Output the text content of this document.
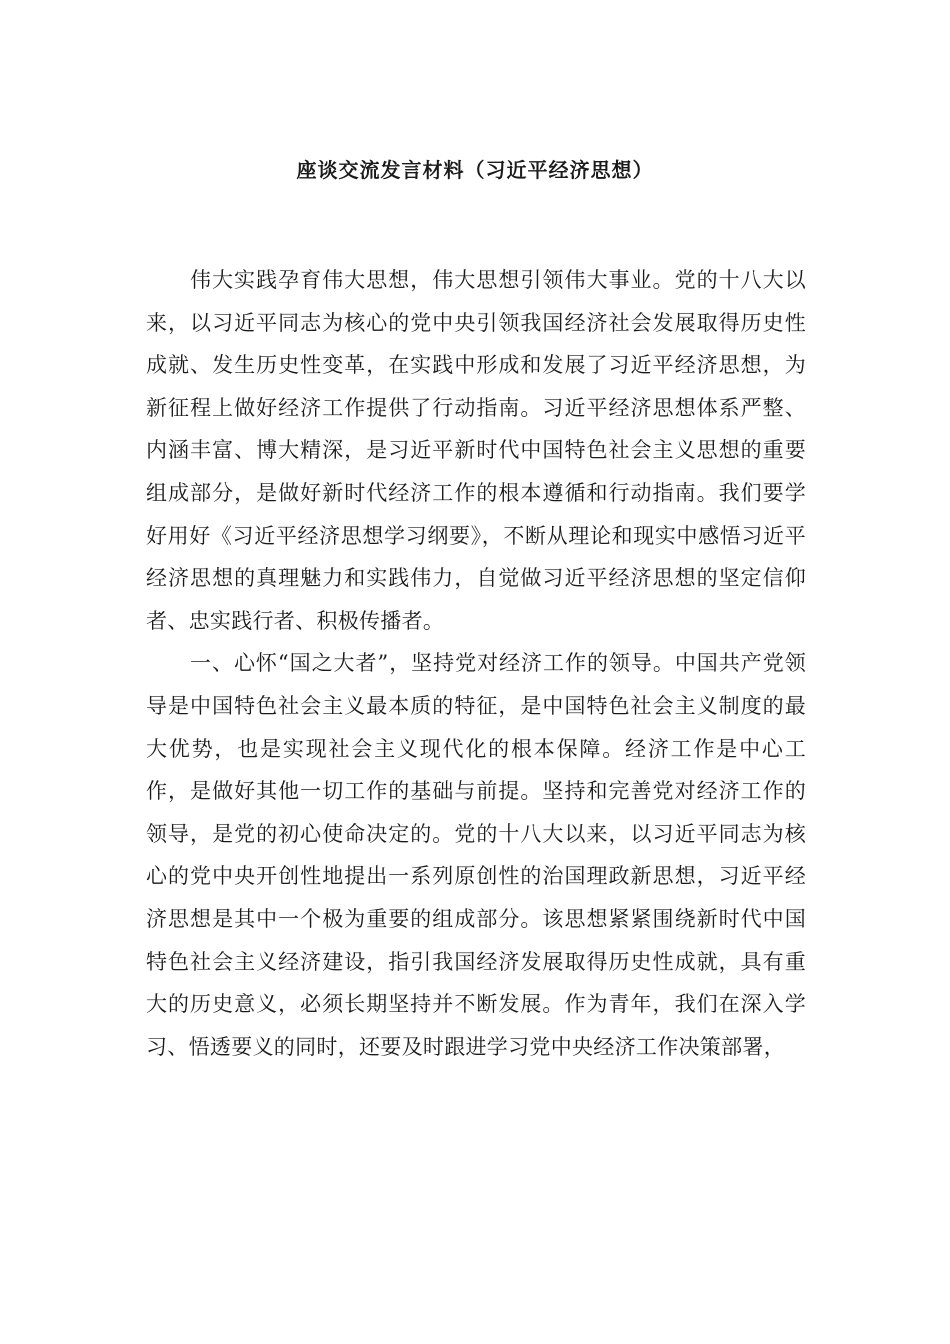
座谈交流发言材料（习近平经济思想）

伟大实践孕育伟大思想，伟大思想引领伟大事业。党的十八大以来，以习近平同志为核心的党中央引领我国经济社会发展取得历史性成就、发生历史性变革，在实践中形成和发展了习近平经济思想，为新征程上做好经济工作提供了行动指南。习近平经济思想体系严整、内涵丰富、博大精深，是习近平新时代中国特色社会主义思想的重要组成部分，是做好新时代经济工作的根本遵循和行动指南。我们要学好用好《习近平经济思想学习纲要》，不断从理论和现实中感悟习近平经济思想的真理魅力和实践伟力，自觉做习近平经济思想的坚定信仰者、忠实践行者、积极传播者。

一、心怀“国之大者”，坚持党对经济工作的领导。中国共产党领导是中国特色社会主义最本质的特征，是中国特色社会主义制度的最大优势，也是实现社会主义现代化的根本保障。经济工作是中心工作，是做好其他一切工作的基础与前提。坚持和完善党对经济工作的领导，是党的初心使命决定的。党的十八大以来，以习近平同志为核心的党中央开创性地提出一系列原创性的治国理政新思想，习近平经济思想是其中一个极为重要的组成部分。该思想紧紧围绕新时代中国特色社会主义经济建设，指引我国经济发展取得历史性成就，具有重大的历史意义，必须长期坚持并不断发展。作为青年，我们在深入学习、悟透要义的同时，还要及时跟进学习党中央经济工作决策部署，
